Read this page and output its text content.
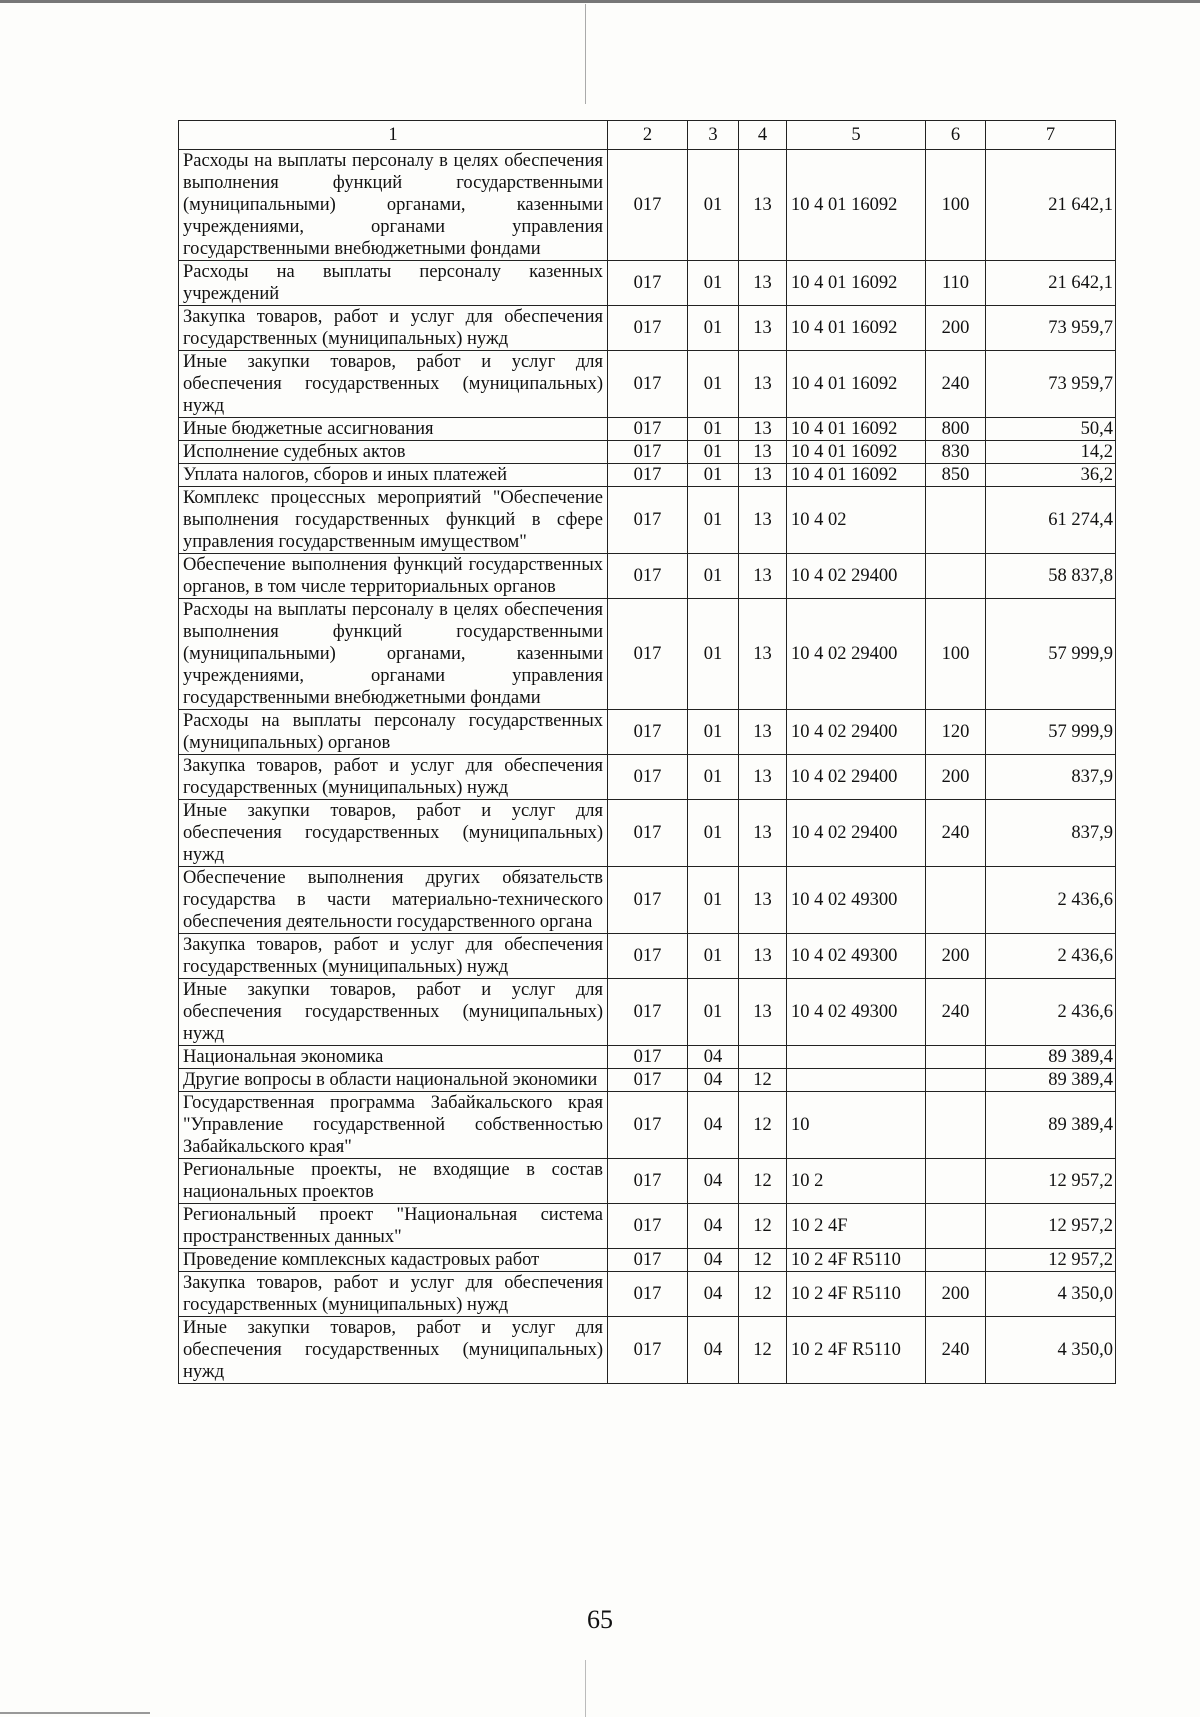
1	2	3	4	5	6	7
Расходы на выплаты персоналу в целях обеспечения выполнения функций государственными (муниципальными) органами, казенными учреждениями, органами управления государственными внебюджетными фондами	017	01	13	10 4 01 16092	100	21 642,1
Расходы на выплаты персоналу казенных учреждений	017	01	13	10 4 01 16092	110	21 642,1
Закупка товаров, работ и услуг для обеспечения государственных (муниципальных) нужд	017	01	13	10 4 01 16092	200	73 959,7
Иные закупки товаров, работ и услуг для обеспечения государственных (муниципальных) нужд	017	01	13	10 4 01 16092	240	73 959,7
Иные бюджетные ассигнования	017	01	13	10 4 01 16092	800	50,4
Исполнение судебных актов	017	01	13	10 4 01 16092	830	14,2
Уплата налогов, сборов и иных платежей	017	01	13	10 4 01 16092	850	36,2
Комплекс процессных мероприятий "Обеспечение выполнения государственных функций в сфере управления государственным имуществом"	017	01	13	10 4 02		61 274,4
Обеспечение выполнения функций государственных органов, в том числе территориальных органов	017	01	13	10 4 02 29400		58 837,8
Расходы на выплаты персоналу в целях обеспечения выполнения функций государственными (муниципальными) органами, казенными учреждениями, органами управления государственными внебюджетными фондами	017	01	13	10 4 02 29400	100	57 999,9
Расходы на выплаты персоналу государственных (муниципальных) органов	017	01	13	10 4 02 29400	120	57 999,9
Закупка товаров, работ и услуг для обеспечения государственных (муниципальных) нужд	017	01	13	10 4 02 29400	200	837,9
Иные закупки товаров, работ и услуг для обеспечения государственных (муниципальных) нужд	017	01	13	10 4 02 29400	240	837,9
Обеспечение выполнения других обязательств государства в части материально-технического обеспечения деятельности государственного органа	017	01	13	10 4 02 49300		2 436,6
Закупка товаров, работ и услуг для обеспечения государственных (муниципальных) нужд	017	01	13	10 4 02 49300	200	2 436,6
Иные закупки товаров, работ и услуг для обеспечения государственных (муниципальных) нужд	017	01	13	10 4 02 49300	240	2 436,6
Национальная экономика	017	04				89 389,4
Другие вопросы в области национальной экономики	017	04	12			89 389,4
Государственная программа Забайкальского края "Управление государственной собственностью Забайкальского края"	017	04	12	10		89 389,4
Региональные проекты, не входящие в состав национальных проектов	017	04	12	10 2		12 957,2
Региональный проект "Национальная система пространственных данных"	017	04	12	10 2 4F		12 957,2
Проведение комплексных кадастровых работ	017	04	12	10 2 4F R5110		12 957,2
Закупка товаров, работ и услуг для обеспечения государственных (муниципальных) нужд	017	04	12	10 2 4F R5110	200	4 350,0
Иные закупки товаров, работ и услуг для обеспечения государственных (муниципальных) нужд	017	04	12	10 2 4F R5110	240	4 350,0
65
